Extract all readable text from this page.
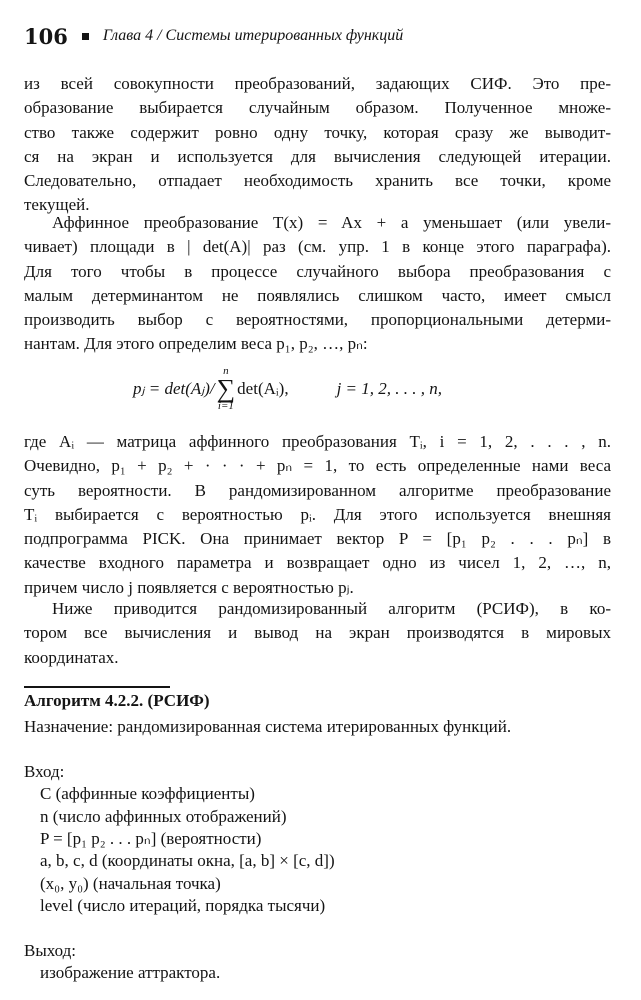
106 Глава 4 / Системы итерированных функций
из всей совокупности преобразований, задающих СИФ. Это пре-
образование выбирается случайным образом. Полученное множе-
ство также содержит ровно одну точку, которая сразу же выводит-
ся на экран и используется для вычисления следующей итерации.
Следовательно, отпадает необходимость хранить все точки, кроме
текущей.
Аффинное преобразование T(x) = Ax + a уменьшает (или увели-
чивает) площади в | det(A)| раз (см. упр. 1 в конце этого параграфа).
Для того чтобы в процессе случайного выбора преобразования с
малым детерминантом не появлялись слишком часто, имеет смысл
производить выбор с вероятностями, пропорциональными детерми-
нантам. Для этого определим веса p₁, p₂, …, pₙ:
pⱼ = det(Aⱼ)/
n
∑
i=1
det(Aᵢ),	j = 1, 2, . . . , n,
где Aᵢ — матрица аффинного преобразования Tᵢ, i = 1, 2, . . . , n.
Очевидно, p₁ + p₂ + · · · + pₙ = 1, то есть определенные нами веса
суть вероятности. В рандомизированном алгоритме преобразование
Tᵢ выбирается с вероятностью pᵢ. Для этого используется внешняя
подпрограмма PICK. Она принимает вектор P = [p₁ p₂ . . . pₙ] в
качестве входного параметра и возвращает одно из чисел 1, 2, …, n,
причем число j появляется с вероятностью pⱼ.
Ниже приводится рандомизированный алгоритм (РСИФ), в ко-
тором все вычисления и вывод на экран производятся в мировых
координатах.
Алгоритм 4.2.2. (РСИФ)
Назначение: рандомизированная система итерированных функций.
Вход:
C (аффинные коэффициенты)
n (число аффинных отображений)
P = [p₁ p₂ . . . pₙ] (вероятности)
a, b, c, d (координаты окна, [a, b] × [c, d])
(x₀, y₀) (начальная точка)
level (число итераций, порядка тысячи)
Выход:
изображение аттрактора.
